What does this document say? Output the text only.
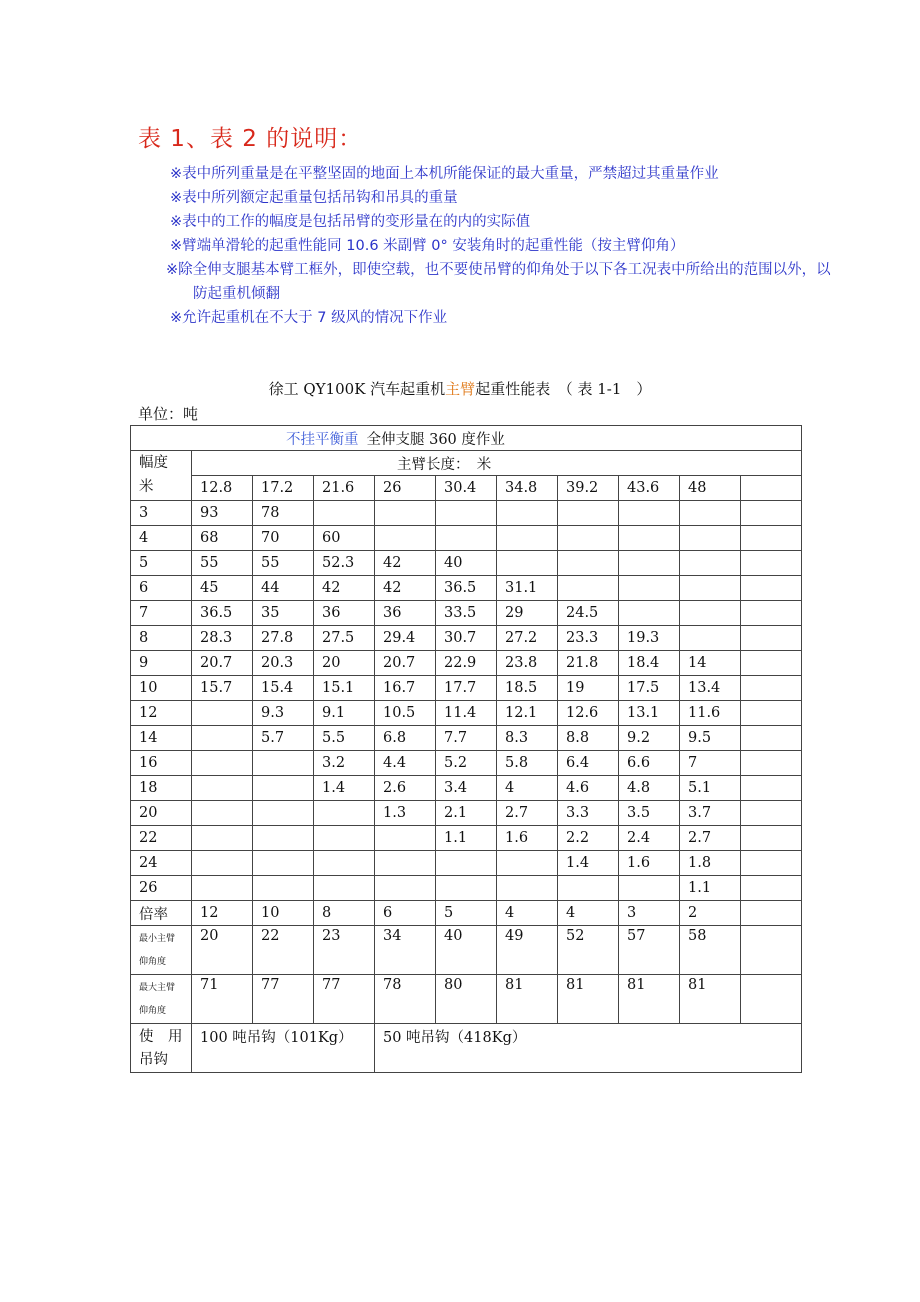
表 1、表 2 的说明：
※表中所列重量是在平整坚固的地面上本机所能保证的最大重量，严禁超过其重量作业
※表中所列额定起重量包括吊钩和吊具的重量
※表中的工作的幅度是包括吊臂的变形量在的内的实际值
※臂端单滑轮的起重性能同 10.6 米副臂 0° 安装角时的起重性能（按主臂仰角）
※除全伸支腿基本臂工框外，即使空载，也不要使吊臂的仰角处于以下各工况表中所给出的范围以外，以防起重机倾翻
※允许起重机在不大于 7 级风的情况下作业
徐工 QY100K 汽车起重机主臂起重性能表　（ 表 1-1　）
单位：吨
不挂平衡重 全伸支腿 360 度作业										
幅度
米	主臂长度：　米									
	12.8	17.2	21.6	26	30.4	34.8	39.2	43.6	48	
3	93	78								
4	68	70	60							
5	55	55	52.3	42	40					
6	45	44	42	42	36.5	31.1				
7	36.5	35	36	36	33.5	29	24.5			
8	28.3	27.8	27.5	29.4	30.7	27.2	23.3	19.3		
9	20.7	20.3	20	20.7	22.9	23.8	21.8	18.4	14	
10	15.7	15.4	15.1	16.7	17.7	18.5	19	17.5	13.4	
12		9.3	9.1	10.5	11.4	12.1	12.6	13.1	11.6	
14		5.7	5.5	6.8	7.7	8.3	8.8	9.2	9.5	
16			3.2	4.4	5.2	5.8	6.4	6.6	7	
18			1.4	2.6	3.4	4	4.6	4.8	5.1	
20				1.3	2.1	2.7	3.3	3.5	3.7	
22					1.1	1.6	2.2	2.4	2.7	
24							1.4	1.6	1.8	
26									1.1	
倍率	12	10	8	6	5	4	4	3	2	
最小主臂
仰角度	20	22	23	34	40	49	52	57	58	
最大主臂
仰角度	71	77	77	78	80	81	81	81	81	
使　用
吊钩	100 吨吊钩（101Kg）			50 吨吊钩（418Kg）						
